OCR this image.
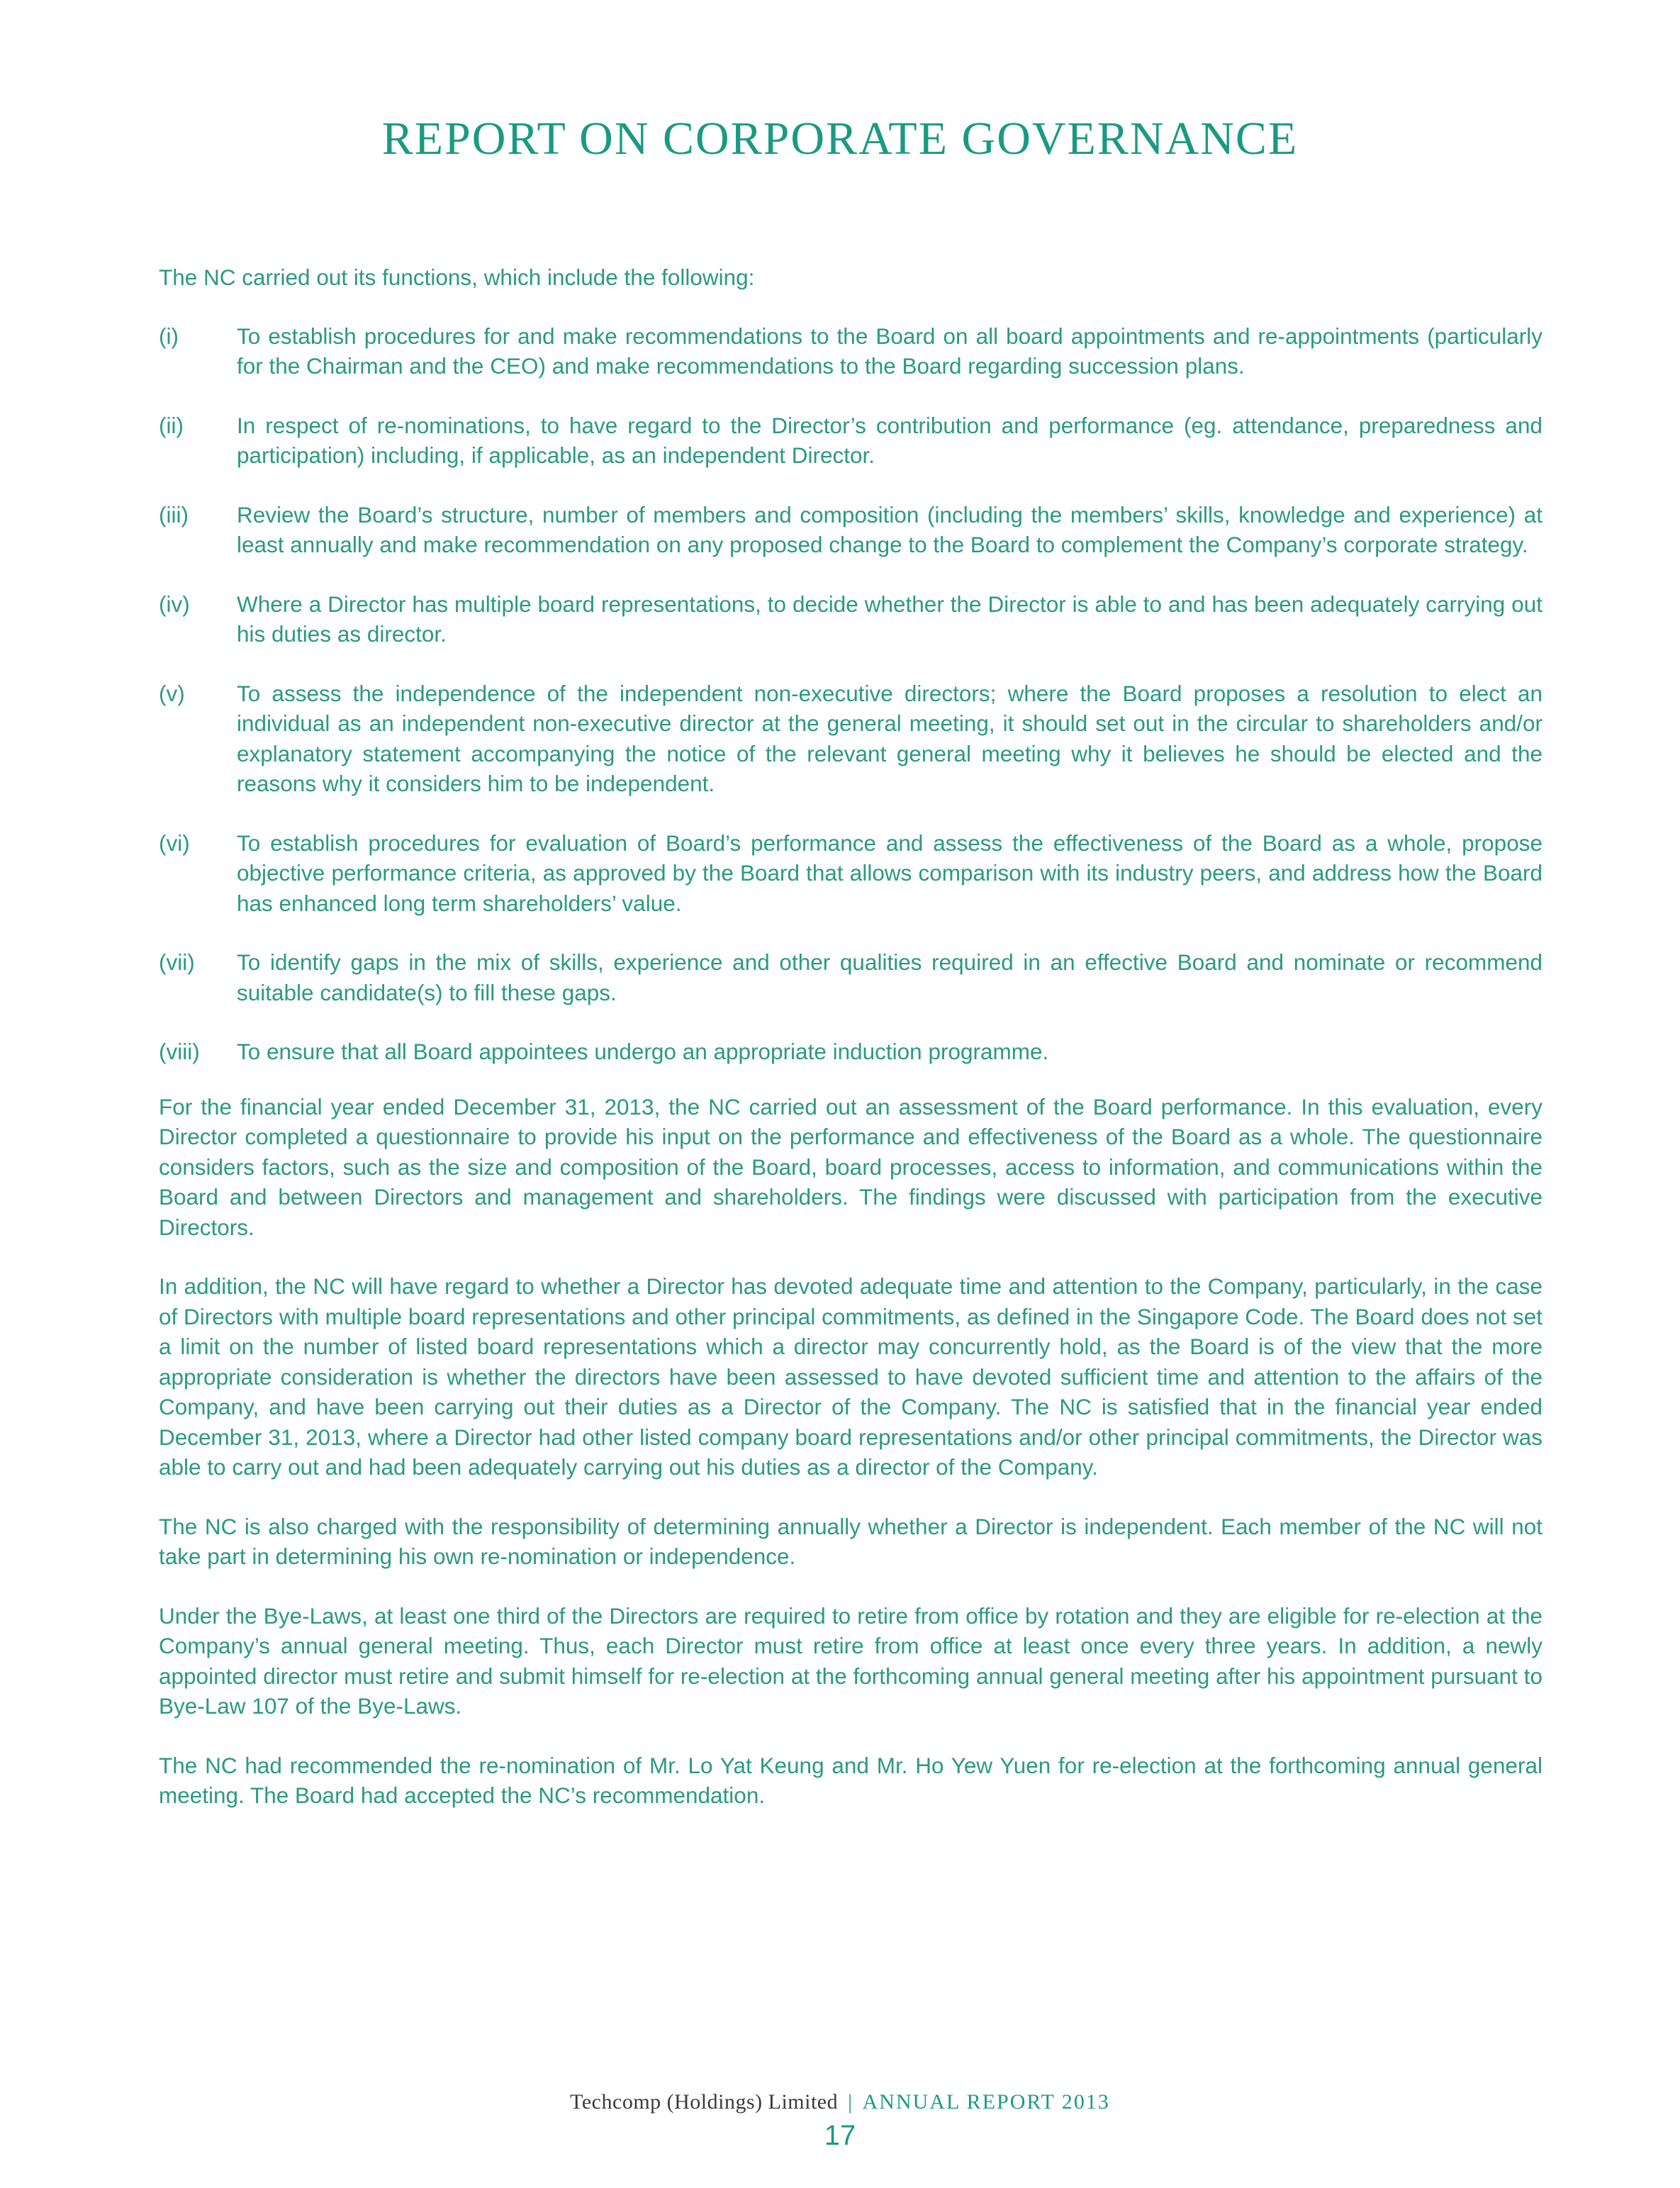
REPORT ON CORPORATE GOVERNANCE

The NC carried out its functions, which include the following:

(i)	To establish procedures for and make recommendations to the Board on all board appointments and re-appointments (particularly for the Chairman and the CEO) and make recommendations to the Board regarding succession plans.
(ii)	In respect of re-nominations, to have regard to the Director’s contribution and performance (eg. attendance, preparedness and participation) including, if applicable, as an independent Director.
(iii)	Review the Board’s structure, number of members and composition (including the members’ skills, knowledge and experience) at least annually and make recommendation on any proposed change to the Board to complement the Company’s corporate strategy.
(iv)	Where a Director has multiple board representations, to decide whether the Director is able to and has been adequately carrying out his duties as director.
(v)	To assess the independence of the independent non-executive directors; where the Board proposes a resolution to elect an individual as an independent non-executive director at the general meeting, it should set out in the circular to shareholders and/or explanatory statement accompanying the notice of the relevant general meeting why it believes he should be elected and the reasons why it considers him to be independent.
(vi)	To establish procedures for evaluation of Board’s performance and assess the effectiveness of the Board as a whole, propose objective performance criteria, as approved by the Board that allows comparison with its industry peers, and address how the Board has enhanced long term shareholders’ value.
(vii)	To identify gaps in the mix of skills, experience and other qualities required in an effective Board and nominate or recommend suitable candidate(s) to fill these gaps.
(viii)	To ensure that all Board appointees undergo an appropriate induction programme.

For the financial year ended December 31, 2013, the NC carried out an assessment of the Board performance. In this evaluation, every Director completed a questionnaire to provide his input on the performance and effectiveness of the Board as a whole. The questionnaire considers factors, such as the size and composition of the Board, board processes, access to information, and communications within the Board and between Directors and management and shareholders. The findings were discussed with participation from the executive Directors.

In addition, the NC will have regard to whether a Director has devoted adequate time and attention to the Company, particularly, in the case of Directors with multiple board representations and other principal commitments, as defined in the Singapore Code. The Board does not set a limit on the number of listed board representations which a director may concurrently hold, as the Board is of the view that the more appropriate consideration is whether the directors have been assessed to have devoted sufficient time and attention to the affairs of the Company, and have been carrying out their duties as a Director of the Company. The NC is satisfied that in the financial year ended December 31, 2013, where a Director had other listed company board representations and/or other principal commitments, the Director was able to carry out and had been adequately carrying out his duties as a director of the Company.

The NC is also charged with the responsibility of determining annually whether a Director is independent. Each member of the NC will not take part in determining his own re-nomination or independence.

Under the Bye-Laws, at least one third of the Directors are required to retire from office by rotation and they are eligible for re-election at the Company’s annual general meeting. Thus, each Director must retire from office at least once every three years. In addition, a newly appointed director must retire and submit himself for re-election at the forthcoming annual general meeting after his appointment pursuant to Bye-Law 107 of the Bye-Laws.

The NC had recommended the re-nomination of Mr. Lo Yat Keung and Mr. Ho Yew Yuen for re-election at the forthcoming annual general meeting. The Board had accepted the NC’s recommendation.

Techcomp (Holdings) Limited | ANNUAL REPORT 2013
17
